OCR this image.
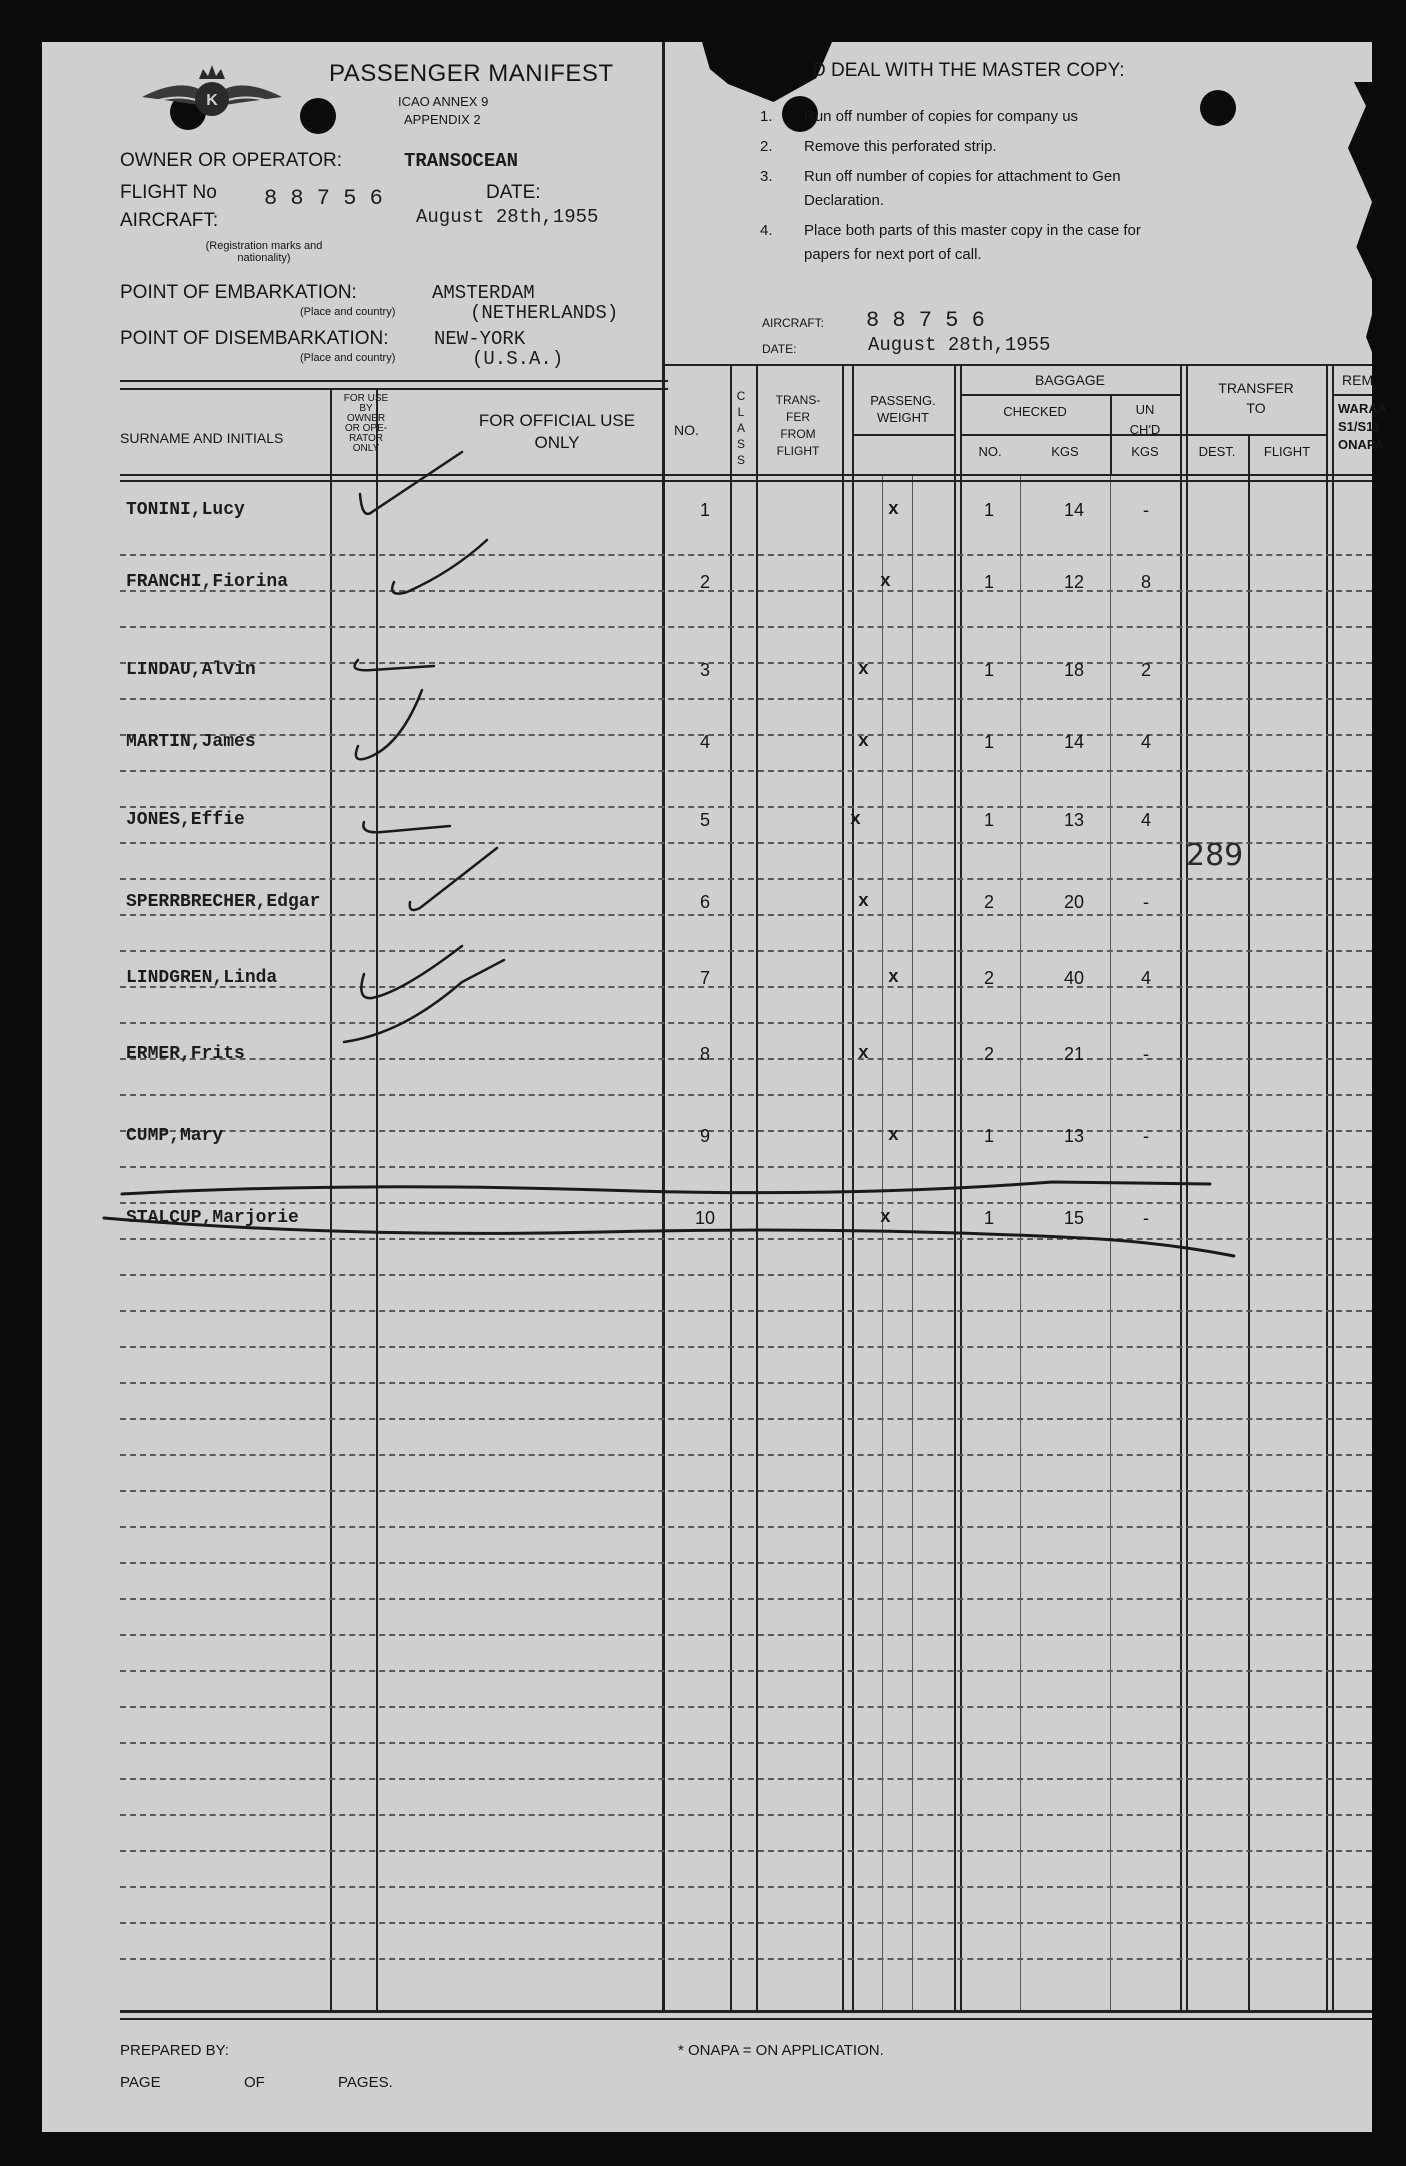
K
PASSENGER MANIFEST
ICAO ANNEX 9
APPENDIX 2
OWNER OR OPERATOR:	TRANSOCEAN
FLIGHT No 8 8 7 5 6	DATE:
AIRCRAFT:	August 28th,1955
(Registration marks and nationality)
POINT OF EMBARKATION:	AMSTERDAM
(Place and country)	(NETHERLANDS)
POINT OF DISEMBARKATION: NEW-YORK
(Place and country)	(U.S.A.)
D DEAL WITH THE MASTER COPY:
1. Run off number of copies for company us
2. Remove this perforated strip.
3. Run off number of copies for attachment to Gen
Declaration.
4. Place both parts of this master copy in the case for
papers for next port of call.
AIRCRAFT: 8 8 7 5 6
DATE:	August 28th,1955
SURNAME AND INITIALS
FOR USE
BY
OWNER
OR OPE-
RATOR
ONLY
FOR OFFICIAL USE
ONLY
NO.
C
L
A
S
S
TRANS-
FER
FROM
FLIGHT
PASSENG.
WEIGHT
BAGGAGE
CHECKED	UN
CH'D
NO.	KGS	KGS
TRANSFER
TO
DEST.	FLIGHT
REM
WARAA
S1/S11
ONAPA
TONINI,Lucy	1	x	1	14	-
FRANCHI,Fiorina	2	x	1	12	8
LINDAU,Alvin	3	x	1	18	2
MARTIN,James	4	x	1	14	4
JONES,Effie	5	x	1	13	4
SPERRBRECHER,Edgar	6	x	2	20	-
LINDGREN,Linda	7	x	2	40	4
ERMER,Frits	8	x	2	21	-
CUMP,Mary	9	x	1	13	-
STALCUP,Marjorie	10	x	1	15	-
289
PREPARED BY:
PAGE	OF	PAGES.
* ONAPA = ON APPLICATION.
